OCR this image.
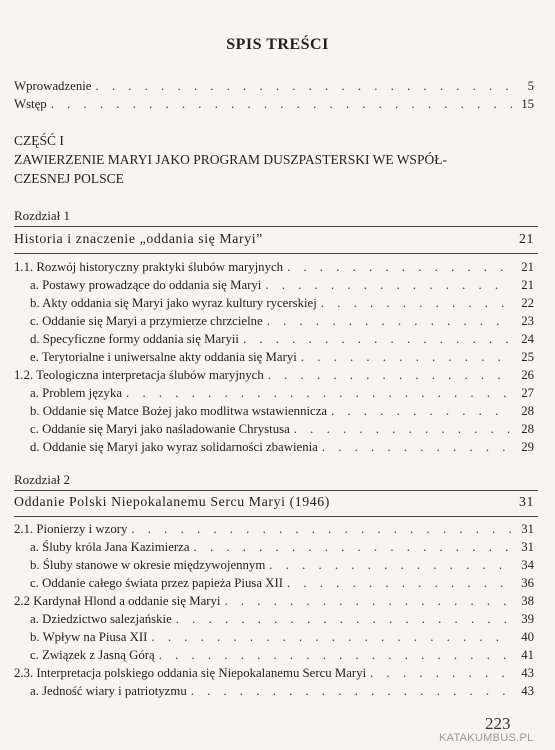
SPIS TREŚCI
Wprowadzenie . . .	5
Wstęp . . .	15
CZĘŚĆ I
ZAWIERZENIE MARYI JAKO PROGRAM DUSZPASTERSKI WE WSPÓŁ-
CZESNEJ POLSCE
Rozdział 1
Historia i znaczenie „oddania się Maryi”	21
1.1. Rozwój historyczny praktyki ślubów maryjnych . . .	21
a. Postawy prowadzące do oddania się Maryi . . .	21
b. Akty oddania się Maryi jako wyraz kultury rycerskiej . . .	22
c. Oddanie się Maryi a przymierze chrzcielne . . .	23
d. Specyficzne formy oddania się Maryii . . .	24
e. Terytorialne i uniwersalne akty oddania się Maryi . . .	25
1.2. Teologiczna interpretacja ślubów maryjnych . . .	26
a. Problem języka . . .	27
b. Oddanie się Matce Bożej jako modlitwa wstawiennicza . . .	28
c. Oddanie się Maryi jako naśladowanie Chrystusa . . .	28
d. Oddanie się Maryi jako wyraz solidarności zbawienia . . .	29
Rozdział 2
Oddanie Polski Niepokalanemu Sercu Maryi (1946)	31
2.1. Pionierzy i wzory . . .	31
a. Śluby króla Jana Kazimierza . . .	31
b. Śluby stanowe w okresie międzywojennym . . .	34
c. Oddanie całego świata przez papieża Piusa XII . . .	36
2.2 Kardynał Hlond a oddanie się Maryi . . .	38
a. Dziedzictwo salezjańskie . . .	39
b. Wpływ na Piusa XII . . .	40
c. Związek z Jasną Górą . . .	41
2.3. Interpretacja polskiego oddania się Niepokalanemu Sercu Maryi . . .	43
a. Jedność wiary i patriotyzmu . . .	43
223
KATAKUMBUS.PL
